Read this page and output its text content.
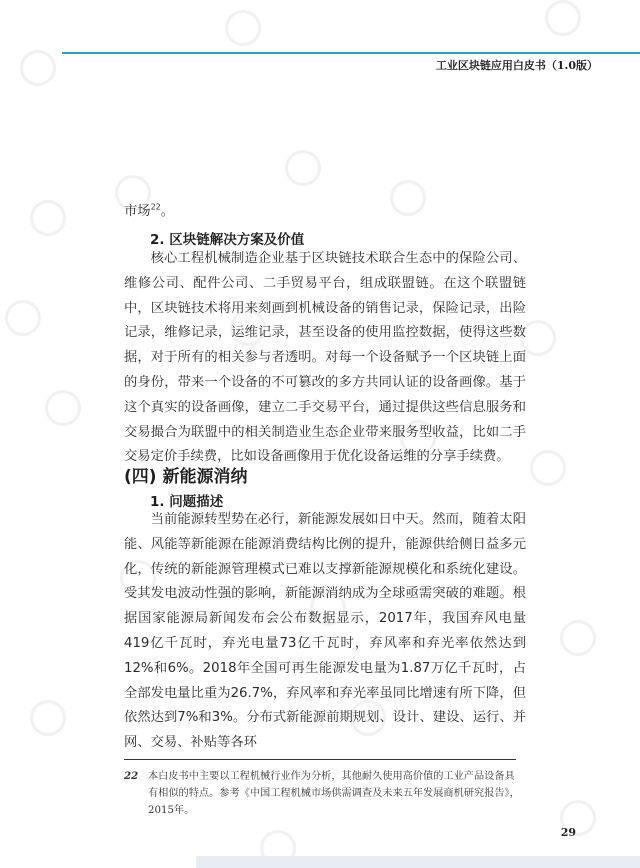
工业区块链应用白皮书（1.0版）

市场$^{22}$。

2. 区块链解决方案及价值

核心工程机械制造企业基于区块链技术联合生态中的保险公司、维修公司、配件公司、二手贸易平台，组成联盟链。在这个联盟链中，区块链技术将用来刻画到机械设备的销售记录，保险记录，出险记录，维修记录，运维记录，甚至设备的使用监控数据，使得这些数据，对于所有的相关参与者透明。对每一个设备赋予一个区块链上面的身份，带来一个设备的不可篡改的多方共同认证的设备画像。基于这个真实的设备画像，建立二手交易平台，通过提供这些信息服务和交易撮合为联盟中的相关制造业生态企业带来服务型收益，比如二手交易定价手续费，比如设备画像用于优化设备运维的分享手续费。

(四) 新能源消纳
1. 问题描述

当前能源转型势在必行，新能源发展如日中天。然而，随着太阳能、风能等新能源在能源消费结构比例的提升，能源供给侧日益多元化，传统的新能源管理模式已难以支撑新能源规模化和系统化建设。受其发电波动性强的影响，新能源消纳成为全球亟需突破的难题。根据国家能源局新闻发布会公布数据显示，2017年，我国弃风电量419亿千瓦时，弃光电量73亿千瓦时，弃风率和弃光率依然达到12%和6%。2018年全国可再生能源发电量为1.87万亿千瓦时，占全部发电量比重为26.7%，弃风率和弃光率虽同比增速有所下降，但依然达到7%和3%。分布式新能源前期规划、设计、建设、运行、并网、交易、补贴等各环

22 本白皮书中主要以工程机械行业作为分析，其他耐久使用高价值的工业产品设备具有相似的特点。参考《中国工程机械市场供需调查及未来五年发展商机研究报告》，2015年。
29
